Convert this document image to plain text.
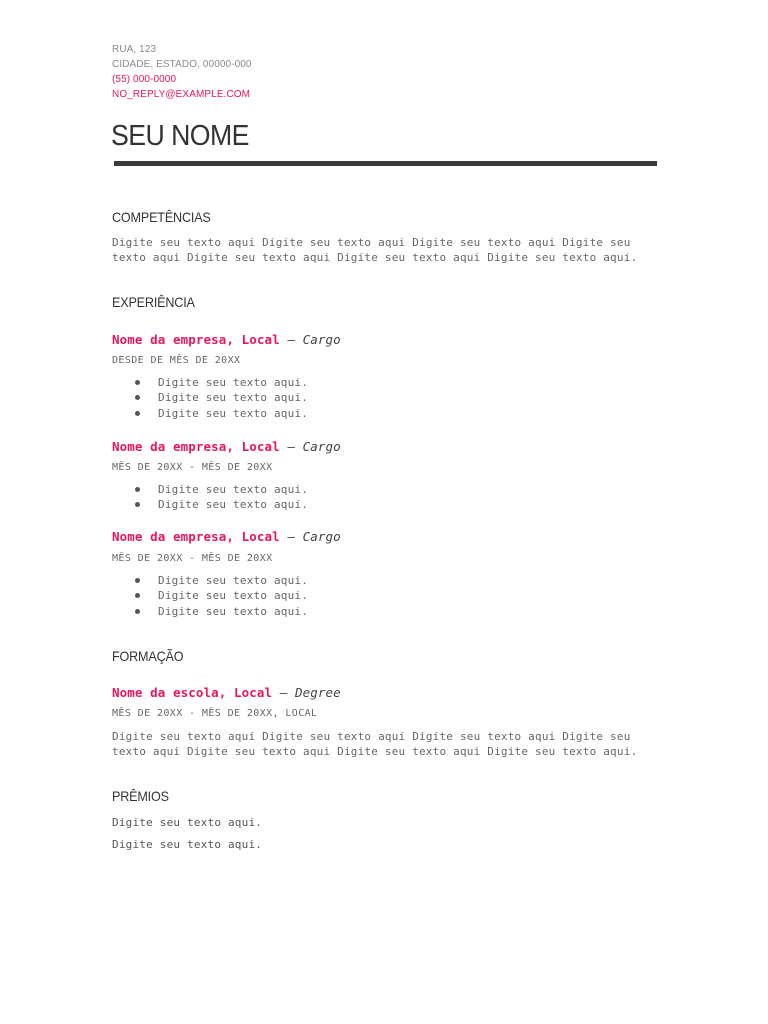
RUA, 123
CIDADE, ESTADO, 00000-000
(55) 000-0000
NO_REPLY@EXAMPLE.COM
SEU NOME
COMPETÊNCIAS
Digite seu texto aqui Digite seu texto aqui Digite seu texto aqui Digite seu
texto aqui Digite seu texto aqui Digite seu texto aqui Digite seu texto aqui.
EXPERIÊNCIA

Nome da empresa, Local — Cargo

DESDE DE MÊS DE 20XX

Digite seu texto aqui.
Digite seu texto aqui.
Digite seu texto aqui.

Nome da empresa, Local — Cargo

MÊS DE 20XX - MÊS DE 20XX

Digite seu texto aqui.
Digite seu texto aqui.

Nome da empresa, Local — Cargo

MÊS DE 20XX - MÊS DE 20XX

Digite seu texto aqui.
Digite seu texto aqui.
Digite seu texto aqui.
FORMAÇÃO

Nome da escola, Local — Degree

MÊS DE 20XX - MÊS DE 20XX, LOCAL

Digite seu texto aqui Digite seu texto aqui Digite seu texto aqui Digite seu
texto aqui Digite seu texto aqui Digite seu texto aqui Digite seu texto aqui.
PRÊMIOS

Digite seu texto aqui.

Digite seu texto aqui.
